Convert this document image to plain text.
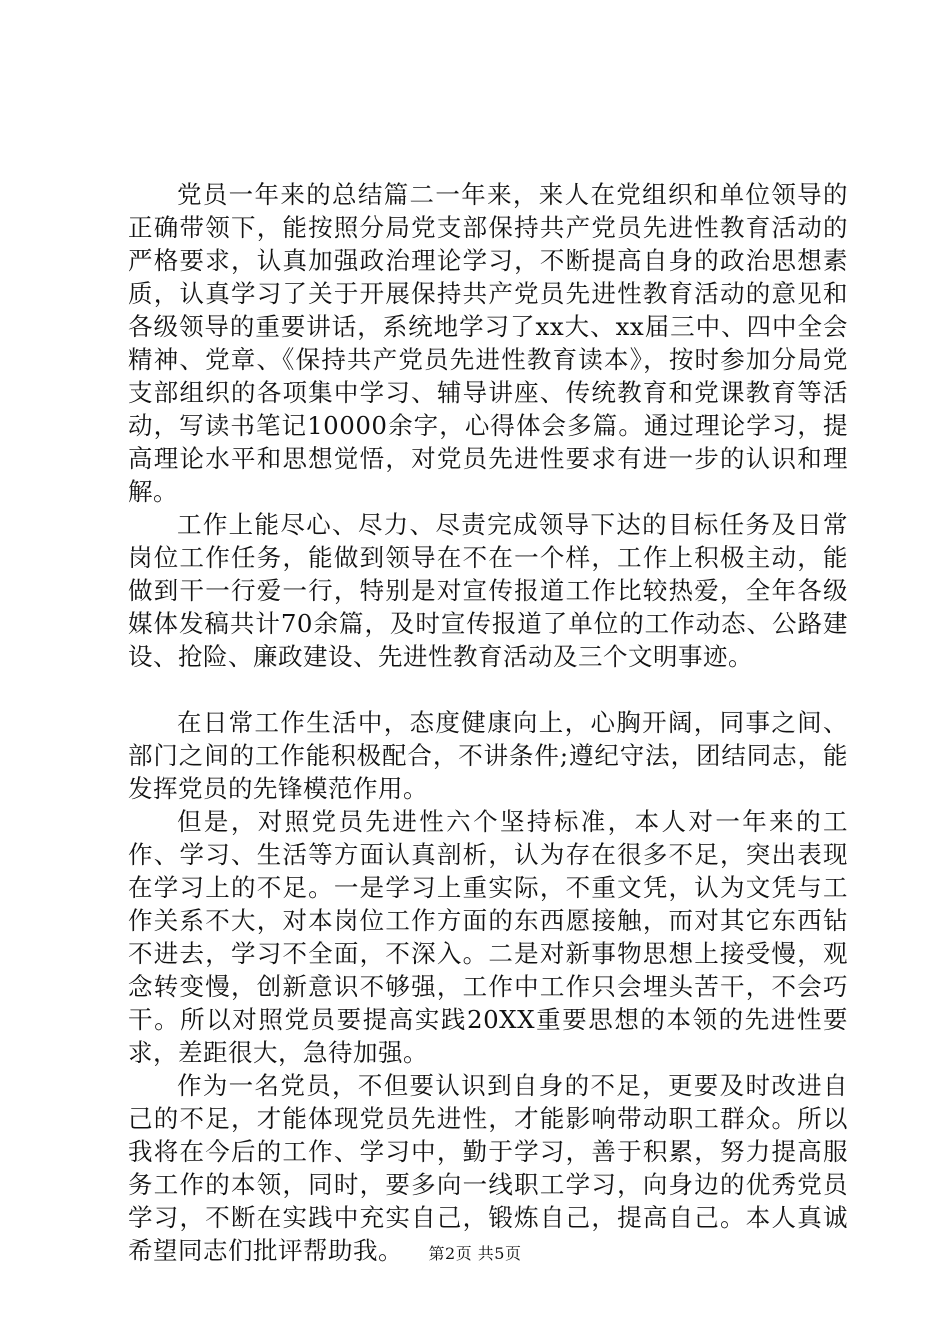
党员一年来的总结篇二一年来，来人在党组织和单位领导的正确带领下，能按照分局党支部保持共产党员先进性教育活动的严格要求，认真加强政治理论学习，不断提高自身的政治思想素质，认真学习了关于开展保持共产党员先进性教育活动的意见和各级领导的重要讲话，系统地学习了xx大、xx届三中、四中全会精神、党章、《保持共产党员先进性教育读本》，按时参加分局党支部组织的各项集中学习、辅导讲座、传统教育和党课教育等活动，写读书笔记10000余字，心得体会多篇。通过理论学习，提高理论水平和思想觉悟，对党员先进性要求有进一步的认识和理解。

工作上能尽心、尽力、尽责完成领导下达的目标任务及日常岗位工作任务，能做到领导在不在一个样，工作上积极主动，能做到干一行爱一行，特别是对宣传报道工作比较热爱，全年各级媒体发稿共计70余篇，及时宣传报道了单位的工作动态、公路建设、抢险、廉政建设、先进性教育活动及三个文明事迹。

在日常工作生活中，态度健康向上，心胸开阔，同事之间、部门之间的工作能积极配合，不讲条件;遵纪守法，团结同志，能发挥党员的先锋模范作用。

但是，对照党员先进性六个坚持标准，本人对一年来的工作、学习、生活等方面认真剖析，认为存在很多不足，突出表现在学习上的不足。一是学习上重实际，不重文凭，认为文凭与工作关系不大，对本岗位工作方面的东西愿接触，而对其它东西钻不进去，学习不全面，不深入。二是对新事物思想上接受慢，观念转变慢，创新意识不够强，工作中工作只会埋头苦干，不会巧干。所以对照党员要提高实践20XX重要思想的本领的先进性要求，差距很大，急待加强。

作为一名党员，不但要认识到自身的不足，更要及时改进自己的不足，才能体现党员先进性，才能影响带动职工群众。所以我将在今后的工作、学习中，勤于学习，善于积累，努力提高服务工作的本领，同时，要多向一线职工学习，向身边的优秀党员学习，不断在实践中充实自己，锻炼自己，提高自己。本人真诚希望同志们批评帮助我。	第2页 共5页
